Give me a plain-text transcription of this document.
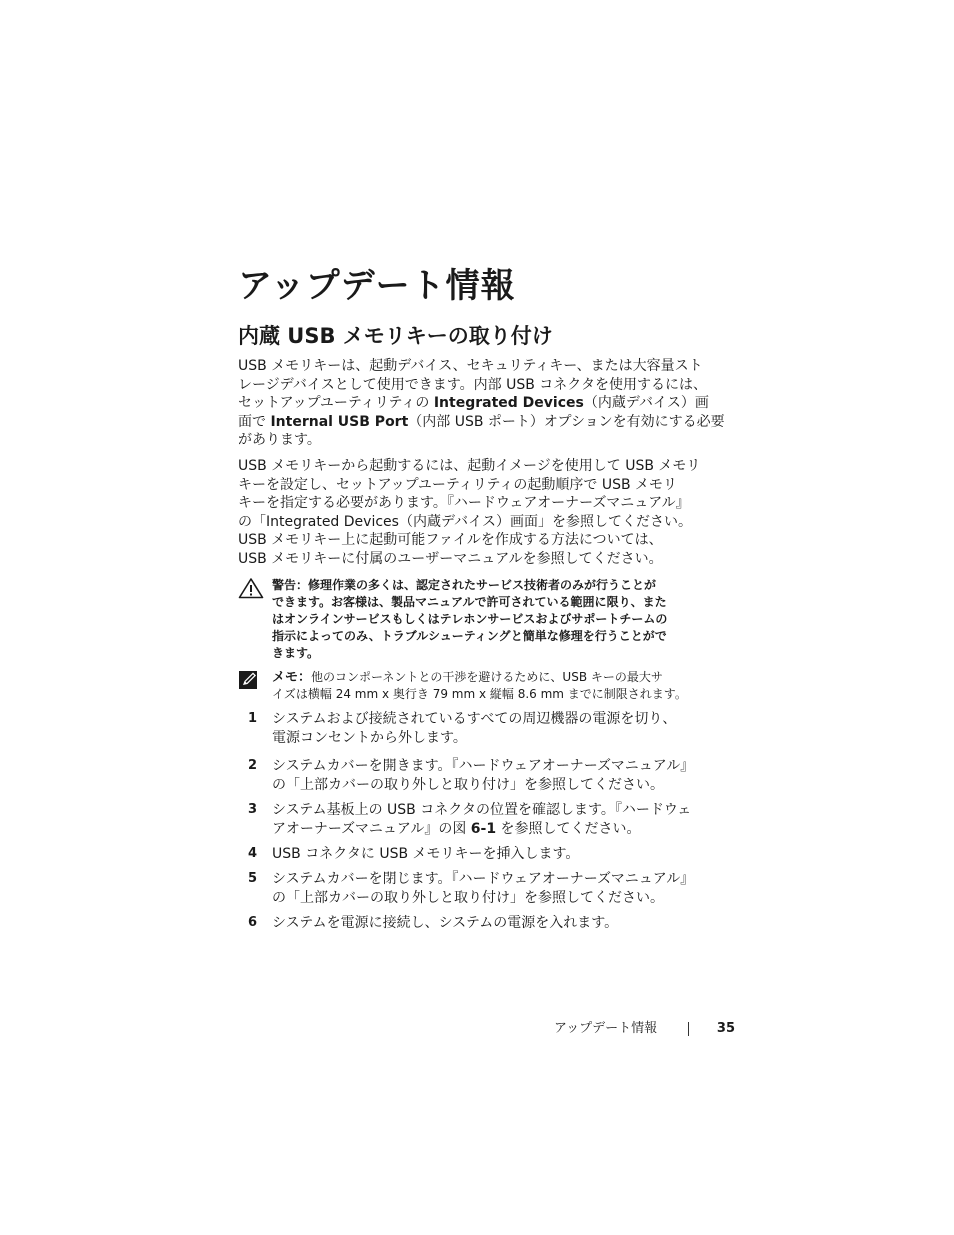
アップデート情報
内蔵 USB メモリキーの取り付け

USB メモリキーは、起動デバイス、セキュリティキー、または大容量スト
レージデバイスとして使用できます。内部 USB コネクタを使用するには、
セットアップユーティリティの Integrated Devices（内蔵デバイス）画
面で Internal USB Port（内部 USB ポート）オプションを有効にする必要
があります。

USB メモリキーから起動するには、起動イメージを使用して USB メモリ
キーを設定し、セットアップユーティリティの起動順序で USB メモリ
キーを指定する必要があります。『ハードウェアオーナーズマニュアル』
の「Integrated Devices（内蔵デバイス）画面」を参照してください。
USB メモリキー上に起動可能ファイルを作成する方法については、
USB メモリキーに付属のユーザーマニュアルを参照してください。

警告：修理作業の多くは、認定されたサービス技術者のみが行うことが
できます。お客様は、製品マニュアルで許可されている範囲に限り、また
はオンラインサービスもしくはテレホンサービスおよびサポートチームの
指示によってのみ、トラブルシューティングと簡単な修理を行うことがで
きます。
メモ：他のコンポーネントとの干渉を避けるために、USB キーの最大サ
イズは横幅 24 mm x 奥行き 79 mm x 縦幅 8.6 mm までに制限されます。
1 システムおよび接続されているすべての周辺機器の電源を切り、
電源コンセントから外します。
2 システムカバーを開きます。『ハードウェアオーナーズマニュアル』
の「上部カバーの取り外しと取り付け」を参照してください。
3 システム基板上の USB コネクタの位置を確認します。『ハードウェ
アオーナーズマニュアル』の図 6-1 を参照してください。
4 USB コネクタに USB メモリキーを挿入します。
5 システムカバーを閉じます。『ハードウェアオーナーズマニュアル』
の「上部カバーの取り外しと取り付け」を参照してください。
6 システムを電源に接続し、システムの電源を入れます。
アップデート情報	35
